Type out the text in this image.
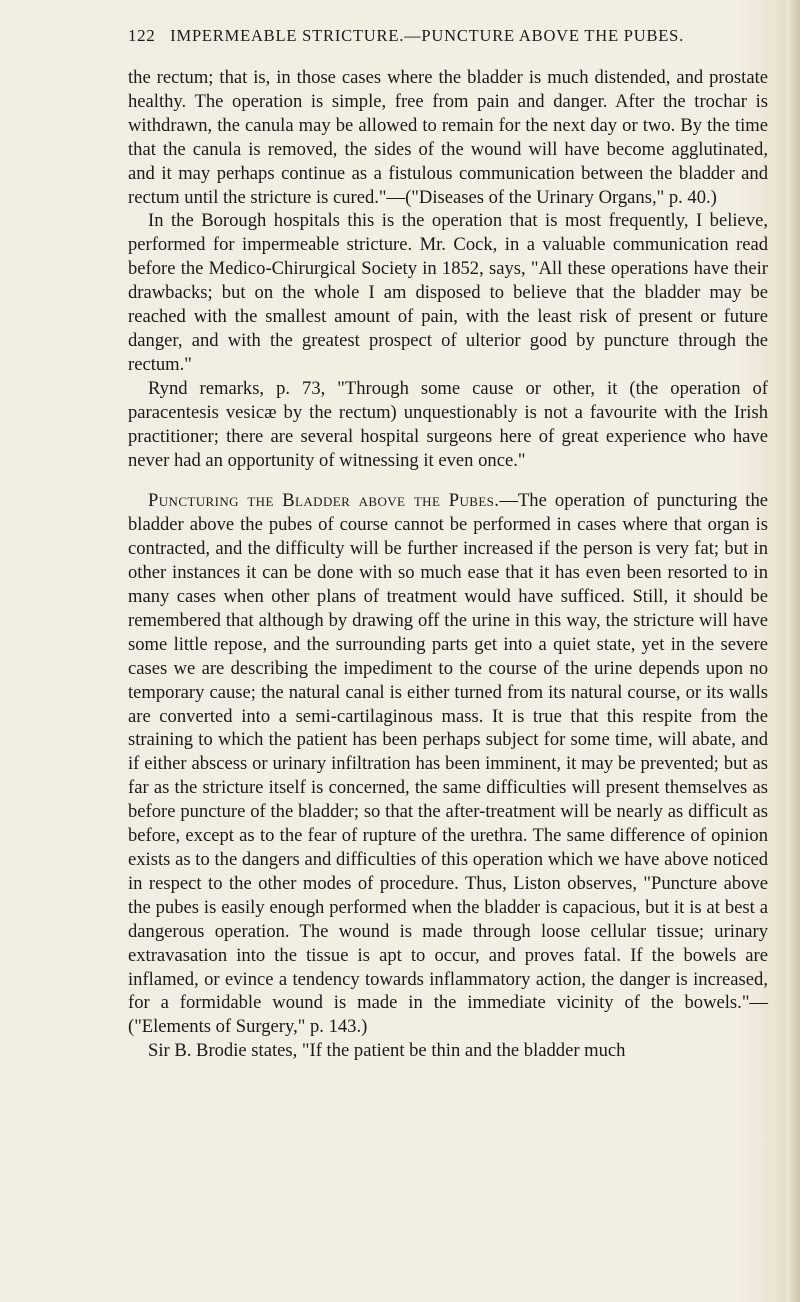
122 IMPERMEABLE STRICTURE.—PUNCTURE ABOVE THE PUBES.

the rectum; that is, in those cases where the bladder is much distended, and prostate healthy. The operation is simple, free from pain and danger. After the trochar is withdrawn, the canula may be allowed to remain for the next day or two. By the time that the canula is removed, the sides of the wound will have become agglutinated, and it may perhaps continue as a fistulous communication between the bladder and rectum until the stricture is cured."—("Diseases of the Urinary Organs," p. 40.)

In the Borough hospitals this is the operation that is most frequently, I believe, performed for impermeable stricture. Mr. Cock, in a valuable communication read before the Medico-Chirurgical Society in 1852, says, "All these operations have their drawbacks; but on the whole I am disposed to believe that the bladder may be reached with the smallest amount of pain, with the least risk of present or future danger, and with the greatest prospect of ulterior good by puncture through the rectum."

Rynd remarks, p. 73, "Through some cause or other, it (the operation of paracentesis vesicæ by the rectum) unquestionably is not a favourite with the Irish practitioner; there are several hospital surgeons here of great experience who have never had an opportunity of witnessing it even once."

Puncturing the Bladder above the Pubes.—The operation of puncturing the bladder above the pubes of course cannot be performed in cases where that organ is contracted, and the difficulty will be further increased if the person is very fat; but in other instances it can be done with so much ease that it has even been resorted to in many cases when other plans of treatment would have sufficed. Still, it should be remembered that although by drawing off the urine in this way, the stricture will have some little repose, and the surrounding parts get into a quiet state, yet in the severe cases we are describing the impediment to the course of the urine depends upon no temporary cause; the natural canal is either turned from its natural course, or its walls are converted into a semi-cartilaginous mass. It is true that this respite from the straining to which the patient has been perhaps subject for some time, will abate, and if either abscess or urinary infiltration has been imminent, it may be prevented; but as far as the stricture itself is concerned, the same difficulties will present themselves as before puncture of the bladder; so that the after-treatment will be nearly as difficult as before, except as to the fear of rupture of the urethra. The same difference of opinion exists as to the dangers and difficulties of this operation which we have above noticed in respect to the other modes of procedure. Thus, Liston observes, "Puncture above the pubes is easily enough performed when the bladder is capacious, but it is at best a dangerous operation. The wound is made through loose cellular tissue; urinary extravasation into the tissue is apt to occur, and proves fatal. If the bowels are inflamed, or evince a tendency towards inflammatory action, the danger is increased, for a formidable wound is made in the immediate vicinity of the bowels."—("Elements of Surgery," p. 143.)

Sir B. Brodie states, "If the patient be thin and the bladder much
